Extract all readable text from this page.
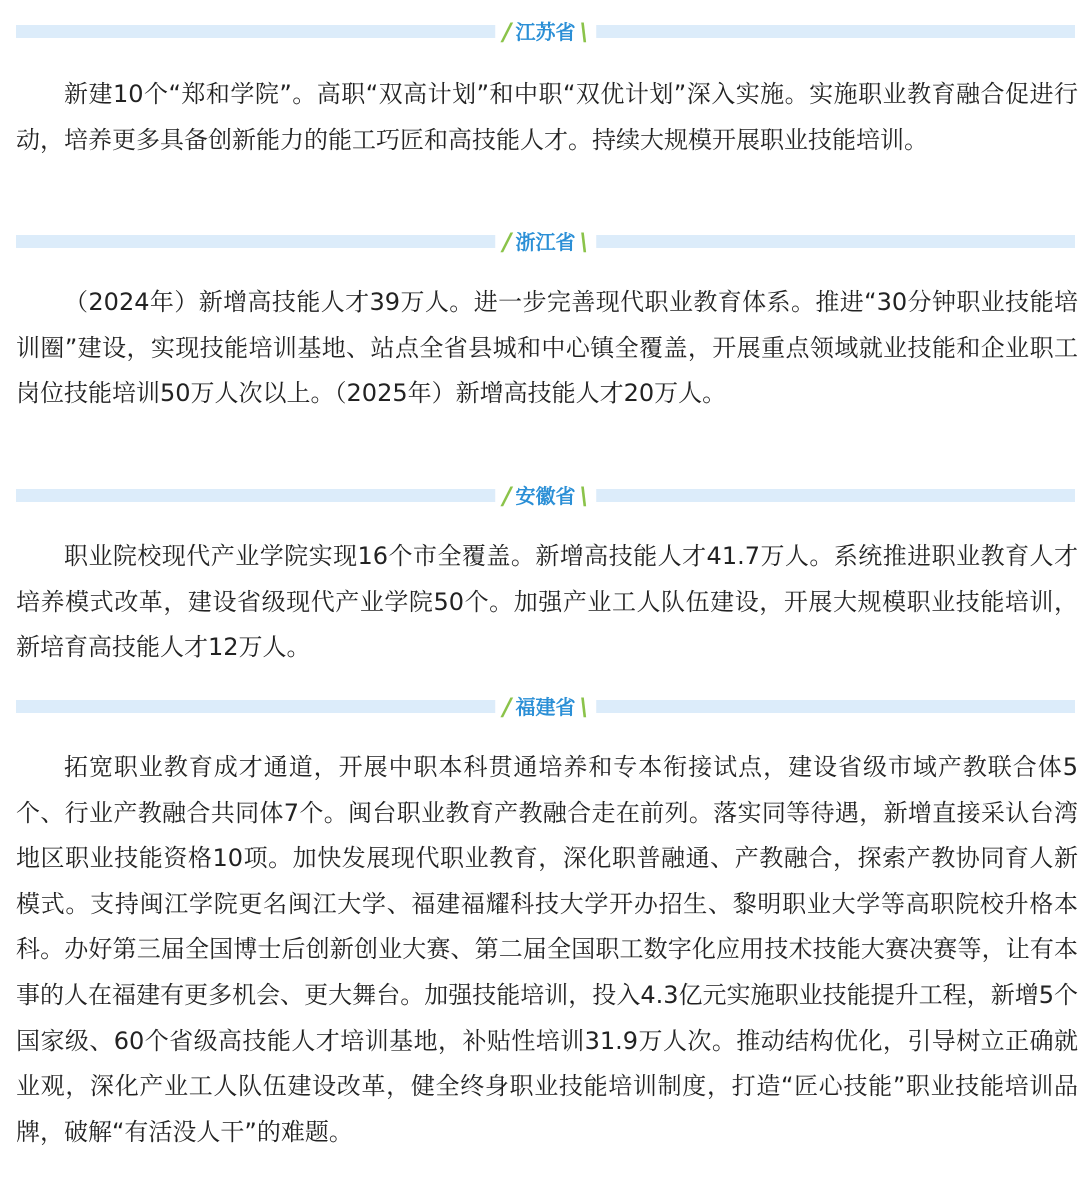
/ 江苏省 \

新建10个“郑和学院”。高职“双高计划”和中职“双优计划”深入实施。实施职业教育融合促进行动，培养更多具备创新能力的能工巧匠和高技能人才。持续大规模开展职业技能培训。

/ 浙江省 \

（2024年）新增高技能人才39万人。进一步完善现代职业教育体系。推进“30分钟职业技能培训圈”建设，实现技能培训基地、站点全省县城和中心镇全覆盖，开展重点领域就业技能和企业职工岗位技能培训50万人次以上。（2025年）新增高技能人才20万人。

/ 安徽省 \

职业院校现代产业学院实现16个市全覆盖。新增高技能人才41.7万人。系统推进职业教育人才培养模式改革，建设省级现代产业学院50个。加强产业工人队伍建设，开展大规模职业技能培训，新培育高技能人才12万人。

/ 福建省 \

拓宽职业教育成才通道，开展中职本科贯通培养和专本衔接试点，建设省级市域产教联合体5个、行业产教融合共同体7个。闽台职业教育产教融合走在前列。落实同等待遇，新增直接采认台湾地区职业技能资格10项。加快发展现代职业教育，深化职普融通、产教融合，探索产教协同育人新模式。支持闽江学院更名闽江大学、福建福耀科技大学开办招生、黎明职业大学等高职院校升格本科。办好第三届全国博士后创新创业大赛、第二届全国职工数字化应用技术技能大赛决赛等，让有本事的人在福建有更多机会、更大舞台。加强技能培训，投入4.3亿元实施职业技能提升工程，新增5个国家级、60个省级高技能人才培训基地，补贴性培训31.9万人次。推动结构优化，引导树立正确就业观，深化产业工人队伍建设改革，健全终身职业技能培训制度，打造“匠心技能”职业技能培训品牌，破解“有活没人干”的难题。
